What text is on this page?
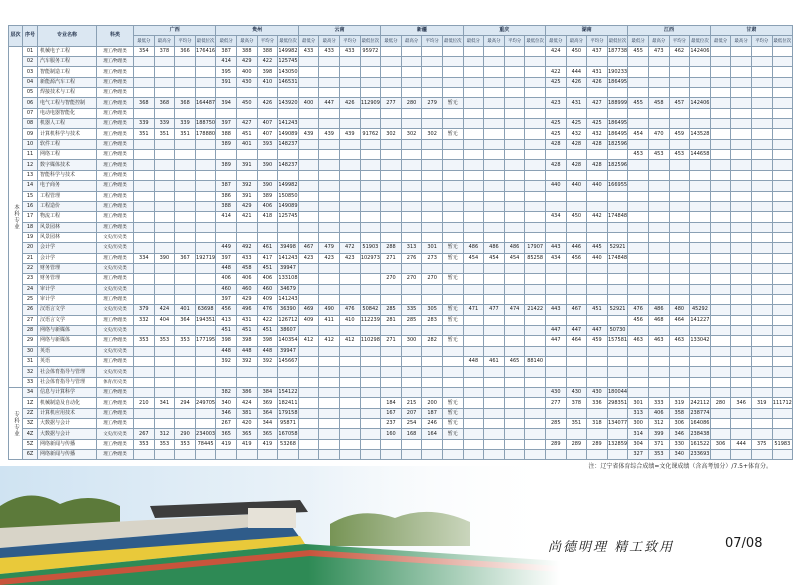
层次	序号	专业名称	科类	广西				贵州				云南				新疆				重庆				湖南				江西				甘肃			
				最低分	最高分	平均分	最低位次	最低分	最高分	平均分	最低位次	最低分	最高分	平均分	最低位次	最低分	最高分	平均分	最低位次	最低分	最高分	平均分	最低位次	最低分	最高分	平均分	最低位次	最低分	最高分	平均分	最低位次	最低分	最高分	平均分	最低位次
本科专业	01	机械电子工程	理工/物理类	354	378	366	176416	387	388	388	149982	433	433	433	95972									424	450	437	187738	455	473	462	142406				
	02	汽车服务工程	理工/物理类					414	429	422	125745																								
	03	智能制造工程	理工/物理类					395	400	398	143050													422	444	431	190233								
	04	新能源汽车工程	理工/物理类					391	430	410	146531													425	426	426	186495								
	05	焊接技术与工程	理工/物理类																																
	06	电气工程与智能控制	理工/物理类	368	368	368	164487	394	450	426	143920	400	447	426	112909	277	280	279	暂无					423	431	427	188999	455	458	457	142406				
	07	电动电器智能化	理工/物理类																																
	08	机器人工程	理工/物理类	339	339	339	188750	397	427	407	141243													425	425	425	186495								
	09	计算机科学与技术	理工/物理类	351	351	351	178880	388	451	407	149089	439	439	439	91762	302	302	302	暂无					425	432	432	186495	454	470	459	143528				
	10	软件工程	理工/物理类					389	401	393	148237													428	428	428	182596								
	11	网络工程	理工/物理类																									453	453	453	144658				
	12	数字媒体技术	理工/物理类					389	391	390	148237													428	428	428	182596								
	13	智能科学与技术	理工/物理类																																
	14	电子商务	理工/物理类					387	392	390	149982													440	440	440	166955								
	15	工程管理	理工/物理类					386	391	389	150850																								
	16	工程造价	理工/物理类					388	429	406	149089																								
	17	物流工程	理工/物理类					414	421	418	125745													434	450	442	174848								
	18	风景园林	理工/物理类																																
	19	风景园林	文史/历史类																																
	20	会计学	文史/历史类					449	492	461	39498	467	479	472	51903	288	313	301	暂无	486	486	486	17907	443	446	445	52921								
	21	会计学	理工/物理类	334	390	367	192719	397	433	417	141243	423	423	423	102973	271	276	273	暂无	454	454	454	85258	434	456	440	174848								
	22	财务管理	文史/历史类					448	458	451	39947																								
	23	财务管理	理工/物理类					406	406	406	133108					270	270	270	暂无																
	24	审计学	文史/历史类					460	460	460	34679																								
	25	审计学	理工/物理类					397	429	409	141243																								
	26	汉语言文学	文史/历史类	379	424	401	63698	456	496	476	36390	469	490	476	50842	285	335	305	暂无	471	477	474	21422	443	467	451	52921	476	486	480	45292				
	27	汉语言文学	理工/物理类	332	404	364	194351	413	431	422	126712	409	411	410	112239	281	285	283	暂无									456	468	464	141227				
	28	网络与新媒体	文史/历史类					451	451	451	38607													447	447	447	50730								
	29	网络与新媒体	理工/物理类	353	353	353	177195	398	398	398	140354	412	412	412	110298	271	300	282	暂无					447	464	459	157581	463	463	463	133042				
	30	英语	文史/历史类					448	448	448	39947																								
	31	英语	理工/物理类					392	392	392	145667									448	461	465	88140												
	32	社会体育指导与管理	文史/历史类																																
	33	社会体育指导与管理	体育/历史类																																
专科专业	34	信息与计算科学	理工/物理类					382	386	384	154122													430	430	430	180044								
	1Z	机械制造及自动化	理工/物理类	210	341	294	249705	340	424	369	182411					184	215	200	暂无					277	378	336	298351	301	333	319	242112	280	346	319	111712
	2Z	计算机应用技术	理工/物理类					346	381	364	179158					167	207	187	暂无									313	406	358	238774				
	3Z	大数据与会计	理工/物理类					267	420	344	95871					237	254	246	暂无					285	351	318	134077	300	312	306	164086				
	4Z	大数据与会计	文史/历史类	267	312	290	234003	365	365	365	167058					160	168	164	暂无									314	399	346	238438				
	5Z	网络新闻与传播	理工/物理类	353	353	353	78445	419	419	419	53268													289	289	289	132859	304	371	330	161522	306	444	375	51983
	6Z	网络新闻与传播	理工/物理类																									327	353	340	233693				
注：辽宁省体育综合成绩=文化课成绩（含高考加分）/7.5+体育分。
尚德明理 精工致用	07/08
